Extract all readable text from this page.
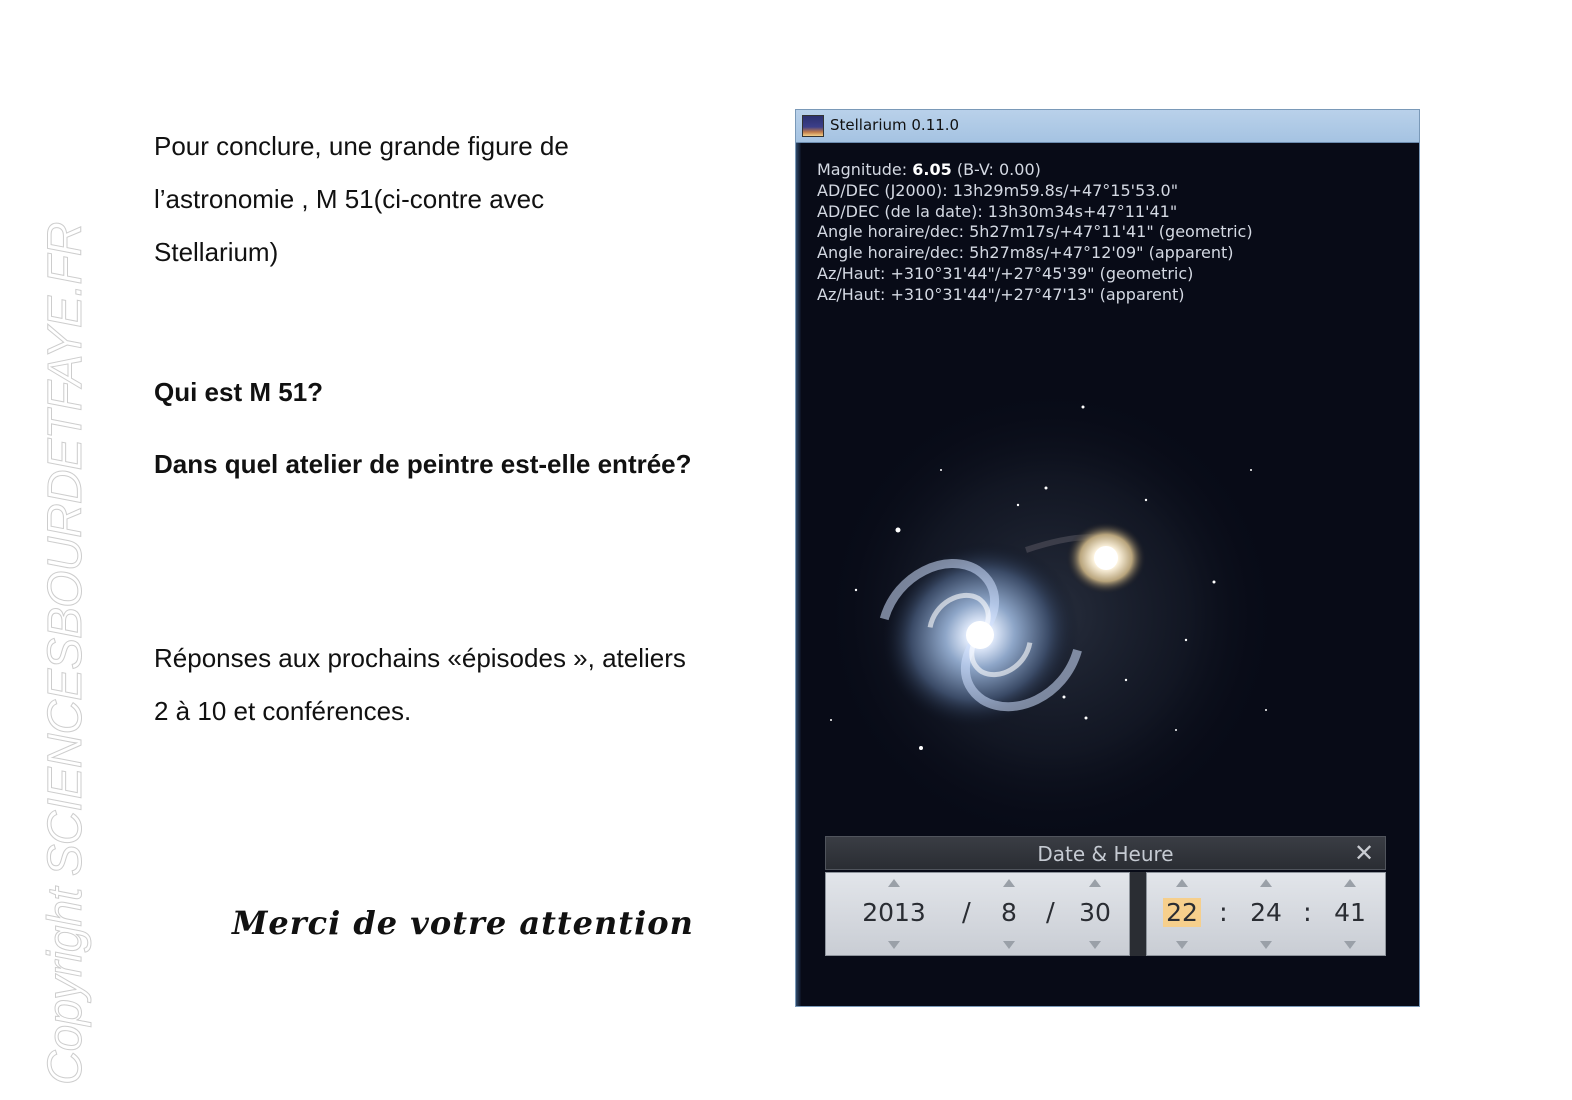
Copyright SCIENCESBOURDETFAYE.FR

Pour conclure, une grande figure de l’astronomie , M 51(ci-contre avec Stellarium)

Qui est M 51?

Dans quel atelier de peintre est-elle entrée?

Réponses aux prochains «épisodes », ateliers 2 à 10 et conférences.

Merci de votre attention
Stellarium 0.11.0
Magnitude: 6.05 (B-V: 0.00)
AD/DEC (J2000): 13h29m59.8s/+47°15'53.0"
AD/DEC (de la date): 13h30m34s+47°11'41"
Angle horaire/dec: 5h27m17s/+47°11'41" (geometric)
Angle horaire/dec: 5h27m8s/+47°12'09" (apparent)
Az/Haut: +310°31'44"/+27°45'39" (geometric)
Az/Haut: +310°31'44"/+27°47'13" (apparent)
Date & Heure	✕
2013	/	8	/ 30	22 : 24 : 41
